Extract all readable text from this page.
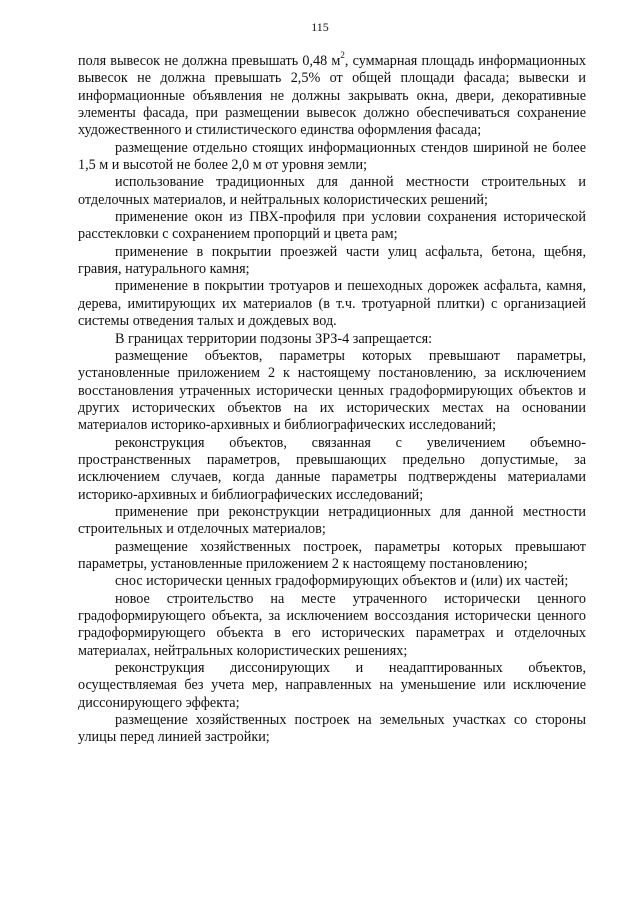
115

поля вывесок не должна превышать 0,48 $м^2$, суммарная площадь информационных вывесок не должна превышать 2,5% от общей площади фасада; вывески и информационные объявления не должны закрывать окна, двери, декоративные элементы фасада, при размещении вывесок должно обеспечиваться сохранение художественного и стилистического единства оформления фасада;

размещение отдельно стоящих информационных стендов шириной не более 1,5 м и высотой не более 2,0 м от уровня земли;

использование традиционных для данной местности строительных и отделочных материалов, и нейтральных колористических решений;

применение окон из ПВХ-профиля при условии сохранения исторической расстекловки с сохранением пропорций и цвета рам;

применение в покрытии проезжей части улиц асфальта, бетона, щебня, гравия, натурального камня;

применение в покрытии тротуаров и пешеходных дорожек асфальта, камня, дерева, имитирующих их материалов (в т.ч. тротуарной плитки) с организацией системы отведения талых и дождевых вод.

В границах территории подзоны ЗРЗ-4 запрещается:

размещение объектов, параметры которых превышают параметры, установленные приложением 2 к настоящему постановлению, за исключением восстановления утраченных исторически ценных градоформирующих объектов и других исторических объектов на их исторических местах на основании материалов историко-архивных и библиографических исследований;

реконструкция объектов, связанная с увеличением объемно-пространственных параметров, превышающих предельно допустимые, за исключением случаев, когда данные параметры подтверждены материалами историко-архивных и библиографических исследований;

применение при реконструкции нетрадиционных для данной местности строительных и отделочных материалов;

размещение хозяйственных построек, параметры которых превышают параметры, установленные приложением 2 к настоящему постановлению;

снос исторически ценных градоформирующих объектов и (или) их частей;

новое строительство на месте утраченного исторически ценного градоформирующего объекта, за исключением воссоздания исторически ценного градоформирующего объекта в его исторических параметрах и отделочных материалах, нейтральных колористических решениях;

реконструкция диссонирующих и неадаптированных объектов, осуществляемая без учета мер, направленных на уменьшение или исключение диссонирующего эффекта;

размещение хозяйственных построек на земельных участках со стороны улицы перед линией застройки;
